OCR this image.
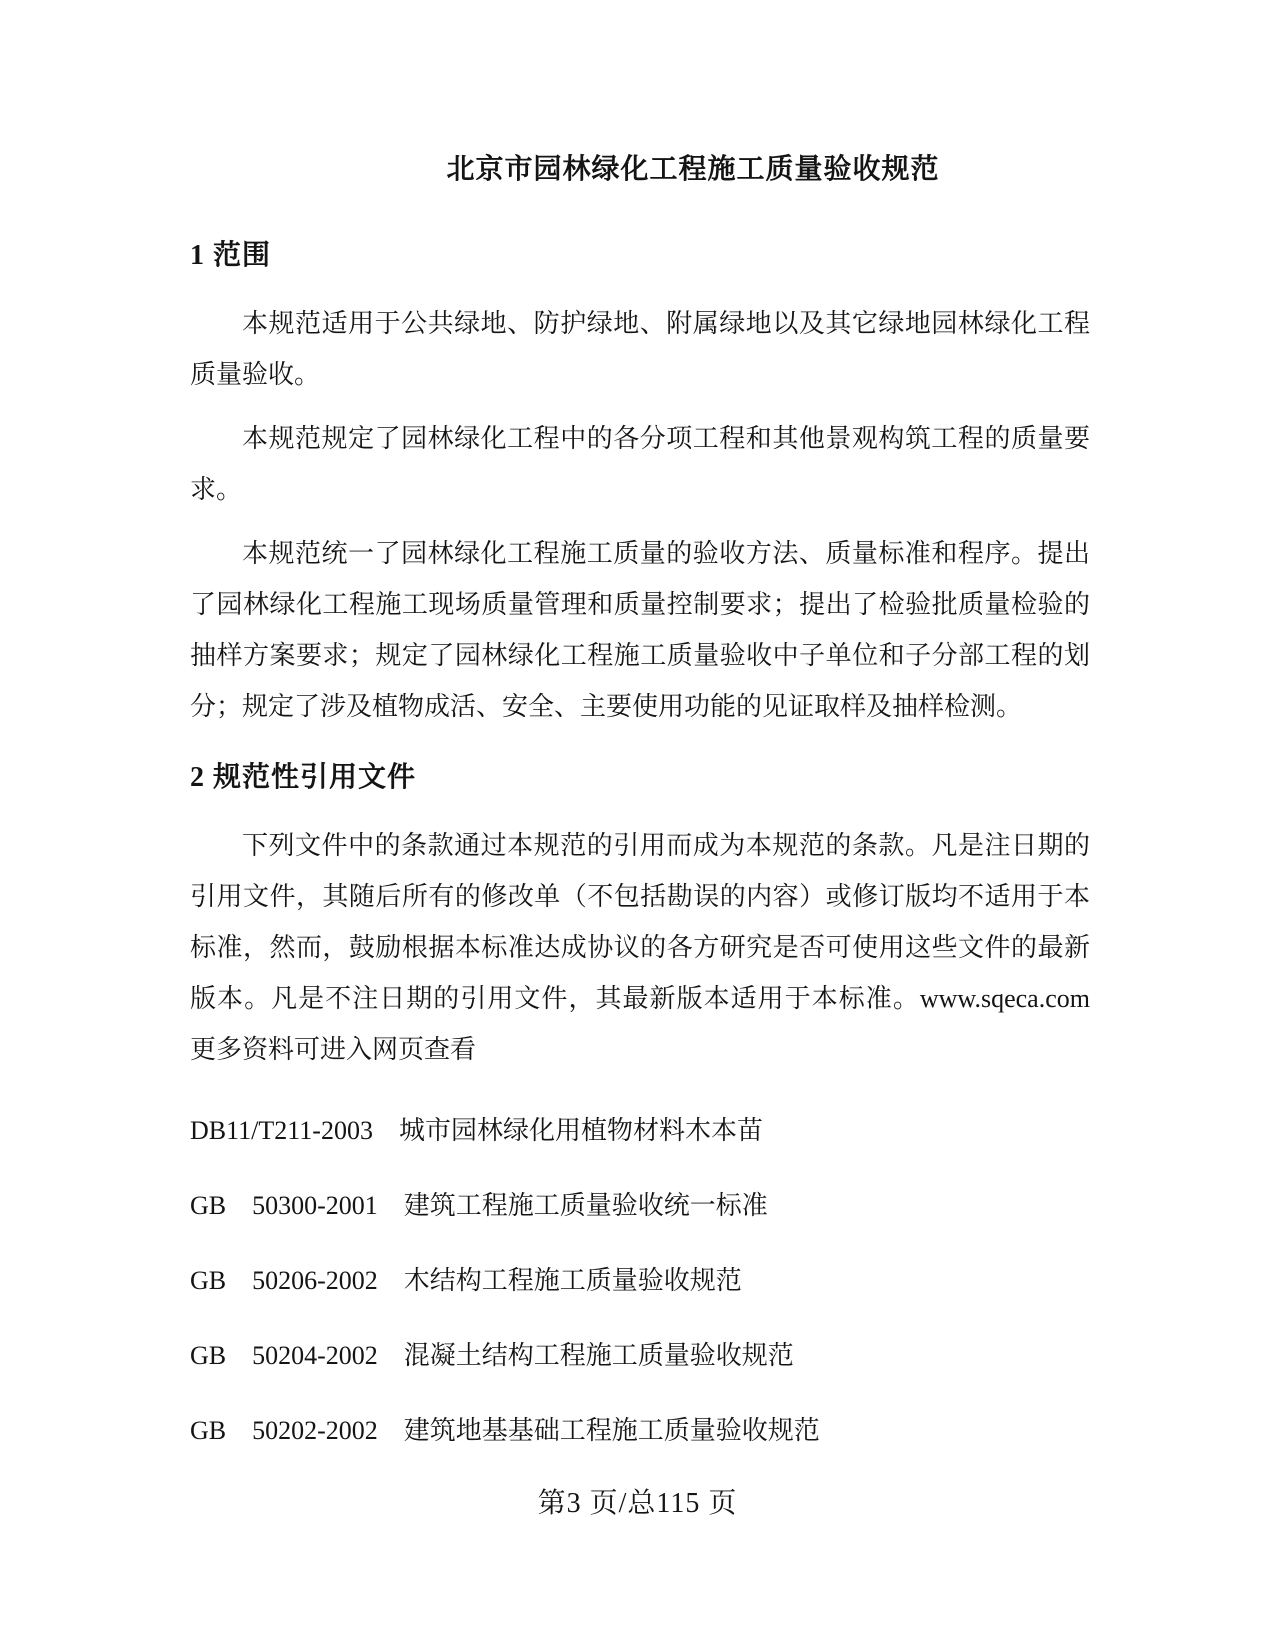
北京市园林绿化工程施工质量验收规范
1 范围

本规范适用于公共绿地、防护绿地、附属绿地以及其它绿地园林绿化工程质量验收。

本规范规定了园林绿化工程中的各分项工程和其他景观构筑工程的质量要求。

本规范统一了园林绿化工程施工质量的验收方法、质量标准和程序。提出了园林绿化工程施工现场质量管理和质量控制要求；提出了检验批质量检验的抽样方案要求；规定了园林绿化工程施工质量验收中子单位和子分部工程的划分；规定了涉及植物成活、安全、主要使用功能的见证取样及抽样检测。

2 规范性引用文件

下列文件中的条款通过本规范的引用而成为本规范的条款。凡是注日期的引用文件，其随后所有的修改单（不包括勘误的内容）或修订版均不适用于本标准，然而，鼓励根据本标准达成协议的各方研究是否可使用这些文件的最新版本。凡是不注日期的引用文件，其最新版本适用于本标准。www.sqeca.com 更多资料可进入网页查看

DB11/T211-2003　城市园林绿化用植物材料木本苗

GB　50300-2001　建筑工程施工质量验收统一标准

GB　50206-2002　木结构工程施工质量验收规范

GB　50204-2002　混凝土结构工程施工质量验收规范

GB　50202-2002　建筑地基基础工程施工质量验收规范

第3 页/总115 页
